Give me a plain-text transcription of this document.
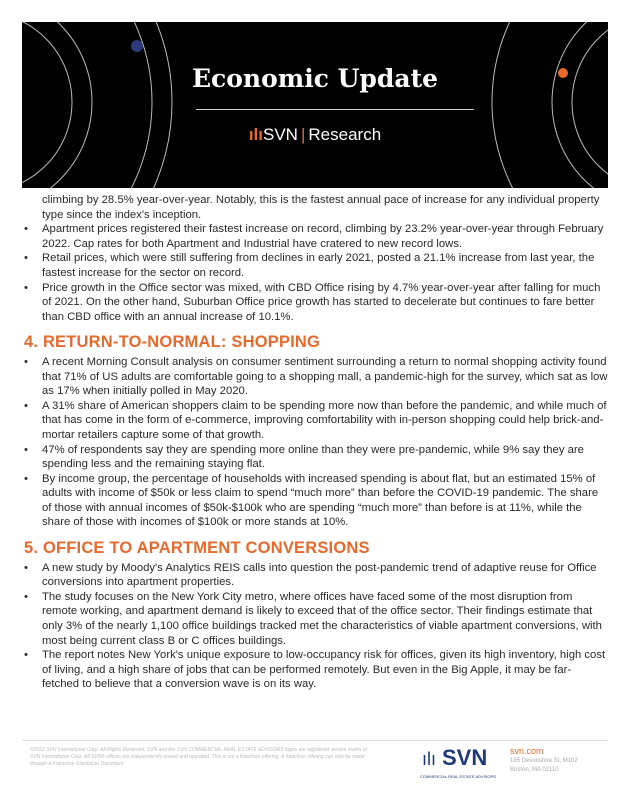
Economic Update
ılıSVN | Research
climbing by 28.5% year-over-year. Notably, this is the fastest annual pace of increase for any individual property type since the index's inception.
• Apartment prices registered their fastest increase on record, climbing by 23.2% year-over-year through February 2022. Cap rates for both Apartment and Industrial have cratered to new record lows.
• Retail prices, which were still suffering from declines in early 2021, posted a 21.1% increase from last year, the fastest increase for the sector on record.
• Price growth in the Office sector was mixed, with CBD Office rising by 4.7% year-over-year after falling for much of 2021. On the other hand, Suburban Office price growth has started to decelerate but continues to fare better than CBD office with an annual increase of 10.1%.
4. RETURN-TO-NORMAL: SHOPPING
• A recent Morning Consult analysis on consumer sentiment surrounding a return to normal shopping activity found that 71% of US adults are comfortable going to a shopping mall, a pandemic-high for the survey, which sat as low as 17% when initially polled in May 2020.
• A 31% share of American shoppers claim to be spending more now than before the pandemic, and while much of that has come in the form of e-commerce, improving comfortability with in-person shopping could help brick-and-mortar retailers capture some of that growth.
• 47% of respondents say they are spending more online than they were pre-pandemic, while 9% say they are spending less and the remaining staying flat.
• By income group, the percentage of households with increased spending is about flat, but an estimated 15% of adults with income of $50k or less claim to spend “much more” than before the COVID-19 pandemic. The share of those with annual incomes of $50k-$100k who are spending “much more” than before is at 11%, while the share of those with incomes of $100k or more stands at 10%.
5. OFFICE TO APARTMENT CONVERSIONS
• A new study by Moody's Analytics REIS calls into question the post-pandemic trend of adaptive reuse for Office conversions into apartment properties.
• The study focuses on the New York City metro, where offices have faced some of the most disruption from remote working, and apartment demand is likely to exceed that of the office sector. Their findings estimate that only 3% of the nearly 1,100 office buildings tracked met the characteristics of viable apartment conversions, with most being current class B or C offices buildings.
• The report notes New York's unique exposure to low-occupancy risk for offices, given its high inventory, high cost of living, and a high share of jobs that can be performed remotely. But even in the Big Apple, it may be far-fetched to believe that a conversion wave is on its way.
©2022 SVN International Corp. All Rights Reserved. SVN and the SVN COMMERCIAL REAL ESTATE ADVISORS logos are registered service marks of SVN International Corp. All SVN® offices are independently owned and operated. This is not a franchise offering. A franchise offering can only be made through a Franchise Disclosure Document.	ılı SVN
COMMERCIAL REAL ESTATE ADVISORS
svn.com
185 Devonshire St, M102
Boston, MA 02110
